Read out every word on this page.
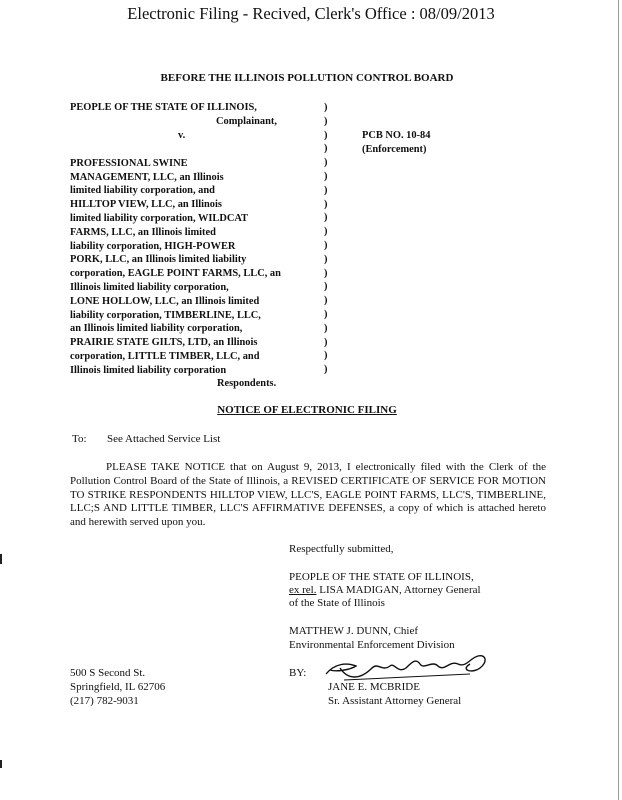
Electronic Filing - Recived, Clerk's Office : 08/09/2013
BEFORE THE ILLINOIS POLLUTION CONTROL BOARD
PEOPLE OF THE STATE OF ILLINOIS,
Complainant,
v.
PROFESSIONAL SWINE
MANAGEMENT, LLC, an Illinois
limited liability corporation, and
HILLTOP VIEW, LLC, an Illinois
limited liability corporation, WILDCAT
FARMS, LLC, an Illinois limited
liability corporation, HIGH-POWER
PORK, LLC, an Illinois limited liability
corporation, EAGLE POINT FARMS, LLC, an
Illinois limited liability corporation,
LONE HOLLOW, LLC, an Illinois limited
liability corporation, TIMBERLINE, LLC,
an Illinois limited liability corporation,
PRAIRIE STATE GILTS, LTD, an Illinois
corporation, LITTLE TIMBER, LLC, and
Illinois limited liability corporation
Respondents.
)
)
)
)
)
)
)
)
)
)
)
)
)
)
)
)
)
)
)
)
PCB NO. 10-84
(Enforcement)
NOTICE OF ELECTRONIC FILING
To: See Attached Service List

PLEASE TAKE NOTICE that on August 9, 2013, I electronically filed with the Clerk of the Pollution Control Board of the State of Illinois, a REVISED CERTIFICATE OF SERVICE FOR MOTION TO STRIKE RESPONDENTS HILLTOP VIEW, LLC'S, EAGLE POINT FARMS, LLC'S, TIMBERLINE, LLC;S AND LITTLE TIMBER, LLC'S AFFIRMATIVE DEFENSES, a copy of which is attached hereto and herewith served upon you.

Respectfully submitted,
PEOPLE OF THE STATE OF ILLINOIS,
ex rel. LISA MADIGAN, Attorney General
of the State of Illinois
MATTHEW J. DUNN, Chief
Environmental Enforcement Division
500 S Second St.
Springfield, IL 62706
(217) 782-9031
BY:
JANE E. MCBRIDE
Sr. Assistant Attorney General
